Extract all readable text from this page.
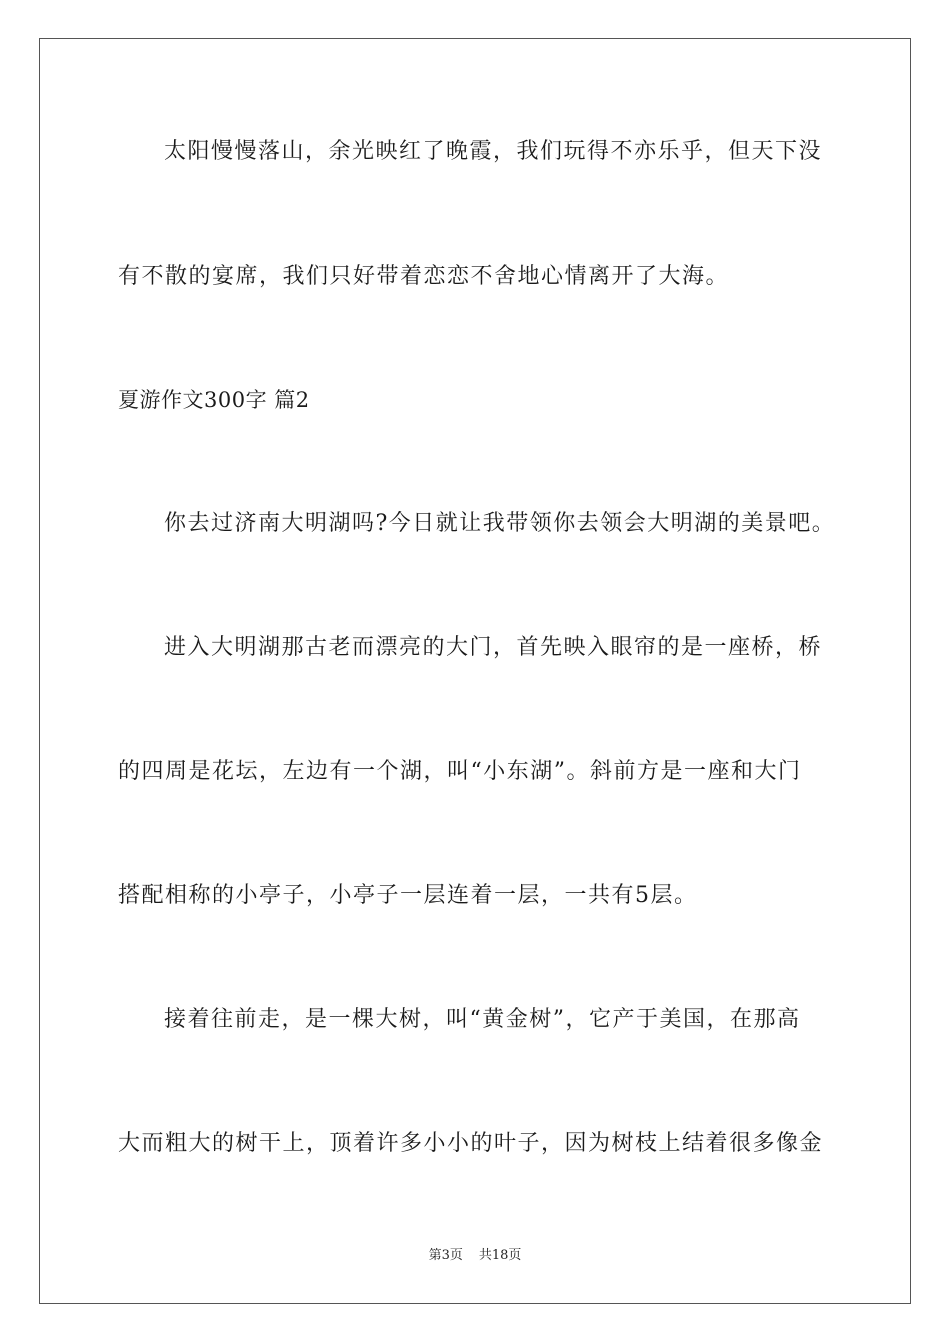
太阳慢慢落山，余光映红了晚霞，我们玩得不亦乐乎，但天下没
有不散的宴席，我们只好带着恋恋不舍地心情离开了大海。
夏游作文300字 篇2
你去过济南大明湖吗?今日就让我带领你去领会大明湖的美景吧。
进入大明湖那古老而漂亮的大门，首先映入眼帘的是一座桥，桥
的四周是花坛，左边有一个湖，叫“小东湖”。斜前方是一座和大门
搭配相称的小亭子，小亭子一层连着一层，一共有5层。
接着往前走，是一棵大树，叫“黄金树”，它产于美国，在那高
大而粗大的树干上，顶着许多小小的叶子，因为树枝上结着很多像金
第3页 共18页
